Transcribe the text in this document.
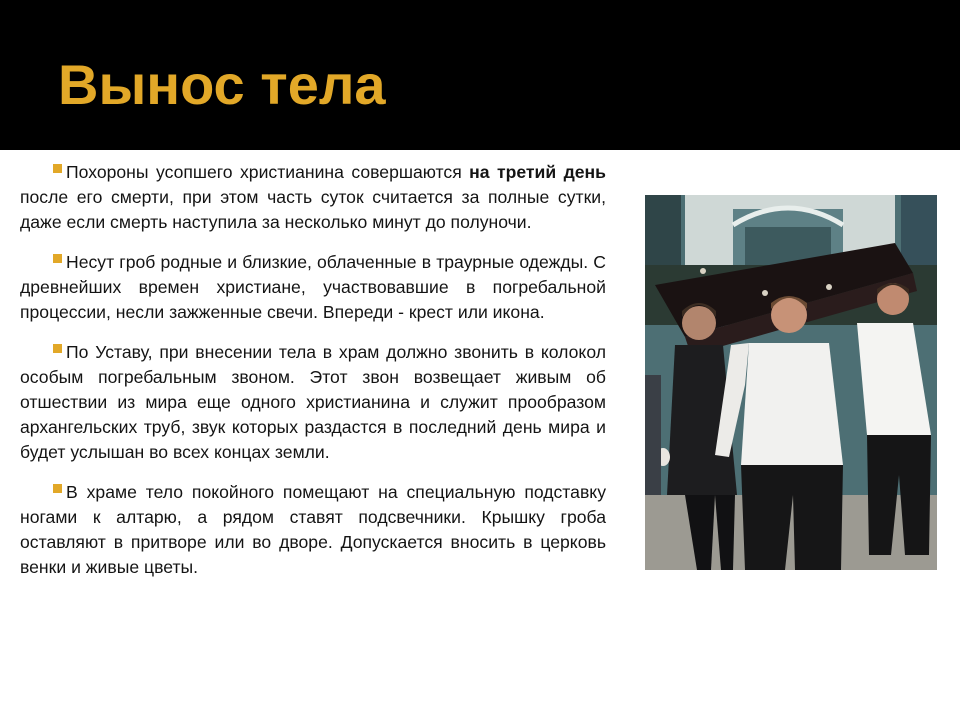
Вынос тела

Похороны усопшего христианина совершаются на третий день после его смерти, при этом часть суток считается за полные сутки, даже если смерть наступила за несколько минут до полуночи.

Несут гроб родные и близкие, облаченные в траурные одежды. С древнейших времен христиане, участвовавшие в погребальной процессии, несли зажженные свечи. Впереди - крест или икона.

По Уставу, при внесении тела в храм должно звонить в колокол особым погребальным звоном. Этот звон возвещает живым об отшествии из мира еще одного христианина и служит прообразом архангельских труб, звук которых раздастся в последний день мира и будет услышан во всех концах земли.

В храме тело покойного помещают на специальную подставку ногами к алтарю, а рядом ставят подсвечники. Крышку гроба оставляют в притворе или во дворе. Допускается вносить в церковь венки и живые цветы.
